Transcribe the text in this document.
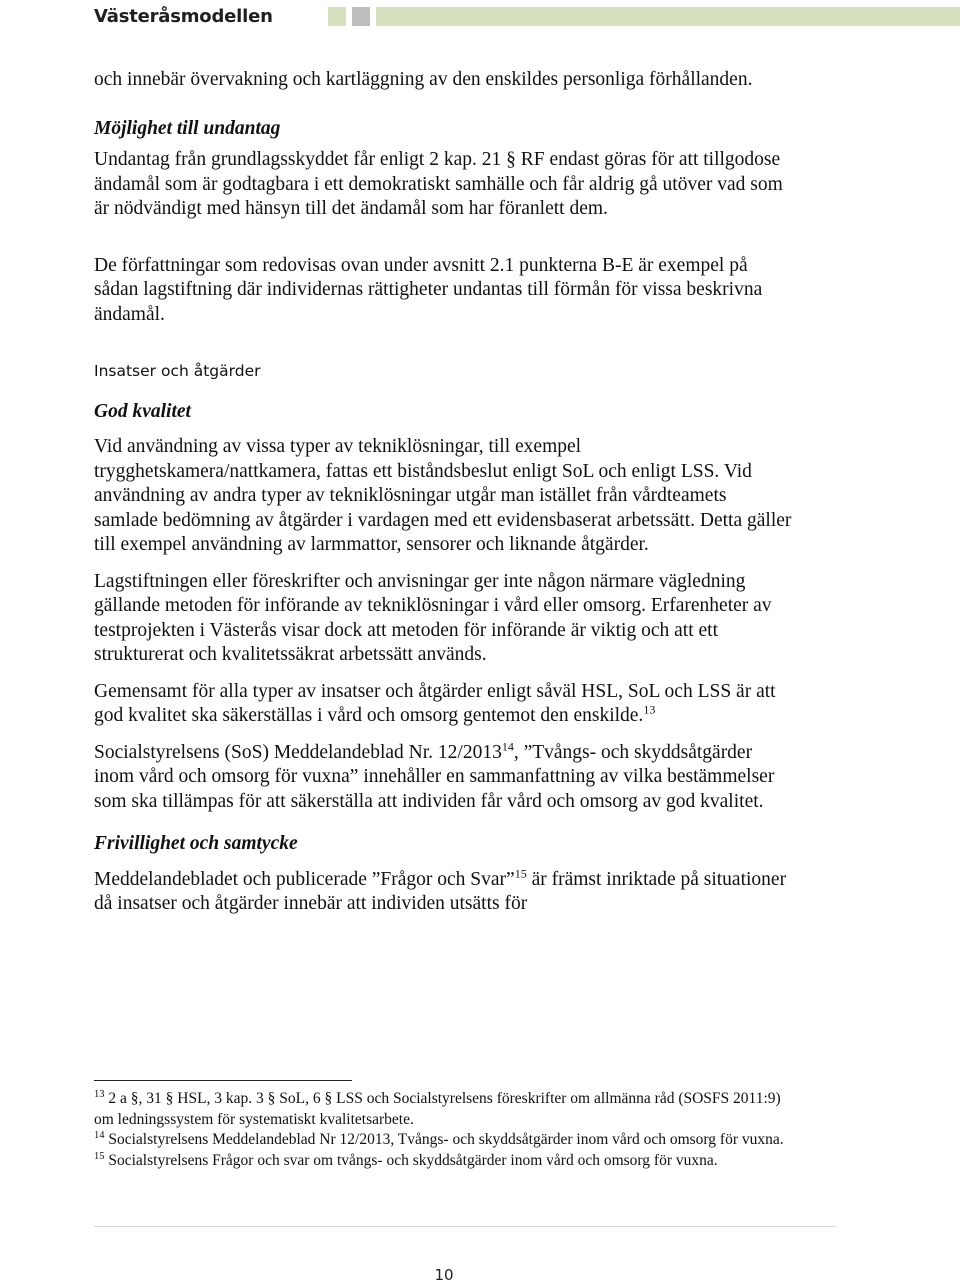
Västeråsmodellen

och innebär övervakning och kartläggning av den enskildes personliga förhållanden.

Möjlighet till undantag

Undantag från grundlagsskyddet får enligt 2 kap. 21 § RF endast göras för att tillgodose ändamål som är godtagbara i ett demokratiskt samhälle och får aldrig gå utöver vad som är nödvändigt med hänsyn till det ändamål som har föranlett dem.

De författningar som redovisas ovan under avsnitt 2.1 punkterna B-E är exempel på sådan lagstiftning där individernas rättigheter undantas till förmån för vissa beskrivna ändamål.

Insatser och åtgärder

God kvalitet

Vid användning av vissa typer av tekniklösningar, till exempel trygghetskamera/nattkamera, fattas ett biståndsbeslut enligt SoL och enligt LSS. Vid användning av andra typer av tekniklösningar utgår man istället från vårdteamets samlade bedömning av åtgärder i vardagen med ett evidensbaserat arbetssätt. Detta gäller till exempel användning av larmmattor, sensorer och liknande åtgärder.

Lagstiftningen eller föreskrifter och anvisningar ger inte någon närmare vägledning gällande metoden för införande av tekniklösningar i vård eller omsorg. Erfarenheter av testprojekten i Västerås visar dock att metoden för införande är viktig och att ett strukturerat och kvalitetssäkrat arbetssätt används.

Gemensamt för alla typer av insatser och åtgärder enligt såväl HSL, SoL och LSS är att god kvalitet ska säkerställas i vård och omsorg gentemot den enskilde.$^{13}$

Socialstyrelsens (SoS) Meddelandeblad Nr. 12/2013$^{14}$, ”Tvångs- och skyddsåtgärder inom vård och omsorg för vuxna” innehåller en sammanfattning av vilka bestämmelser som ska tillämpas för att säkerställa att individen får vård och omsorg av god kvalitet.

Frivillighet och samtycke

Meddelandebladet och publicerade ”Frågor och Svar”$^{15}$ är främst inriktade på situationer då insatser och åtgärder innebär att individen utsätts för

$^{13}$ 2 a §, 31 § HSL, 3 kap. 3 § SoL, 6 § LSS och Socialstyrelsens föreskrifter om allmänna råd (SOSFS 2011:9) om ledningssystem för systematiskt kvalitetsarbete.

$^{14}$ Socialstyrelsens Meddelandeblad Nr 12/2013, Tvångs- och skyddsåtgärder inom vård och omsorg för vuxna.

$^{15}$ Socialstyrelsens Frågor och svar om tvångs- och skyddsåtgärder inom vård och omsorg för vuxna.

10
